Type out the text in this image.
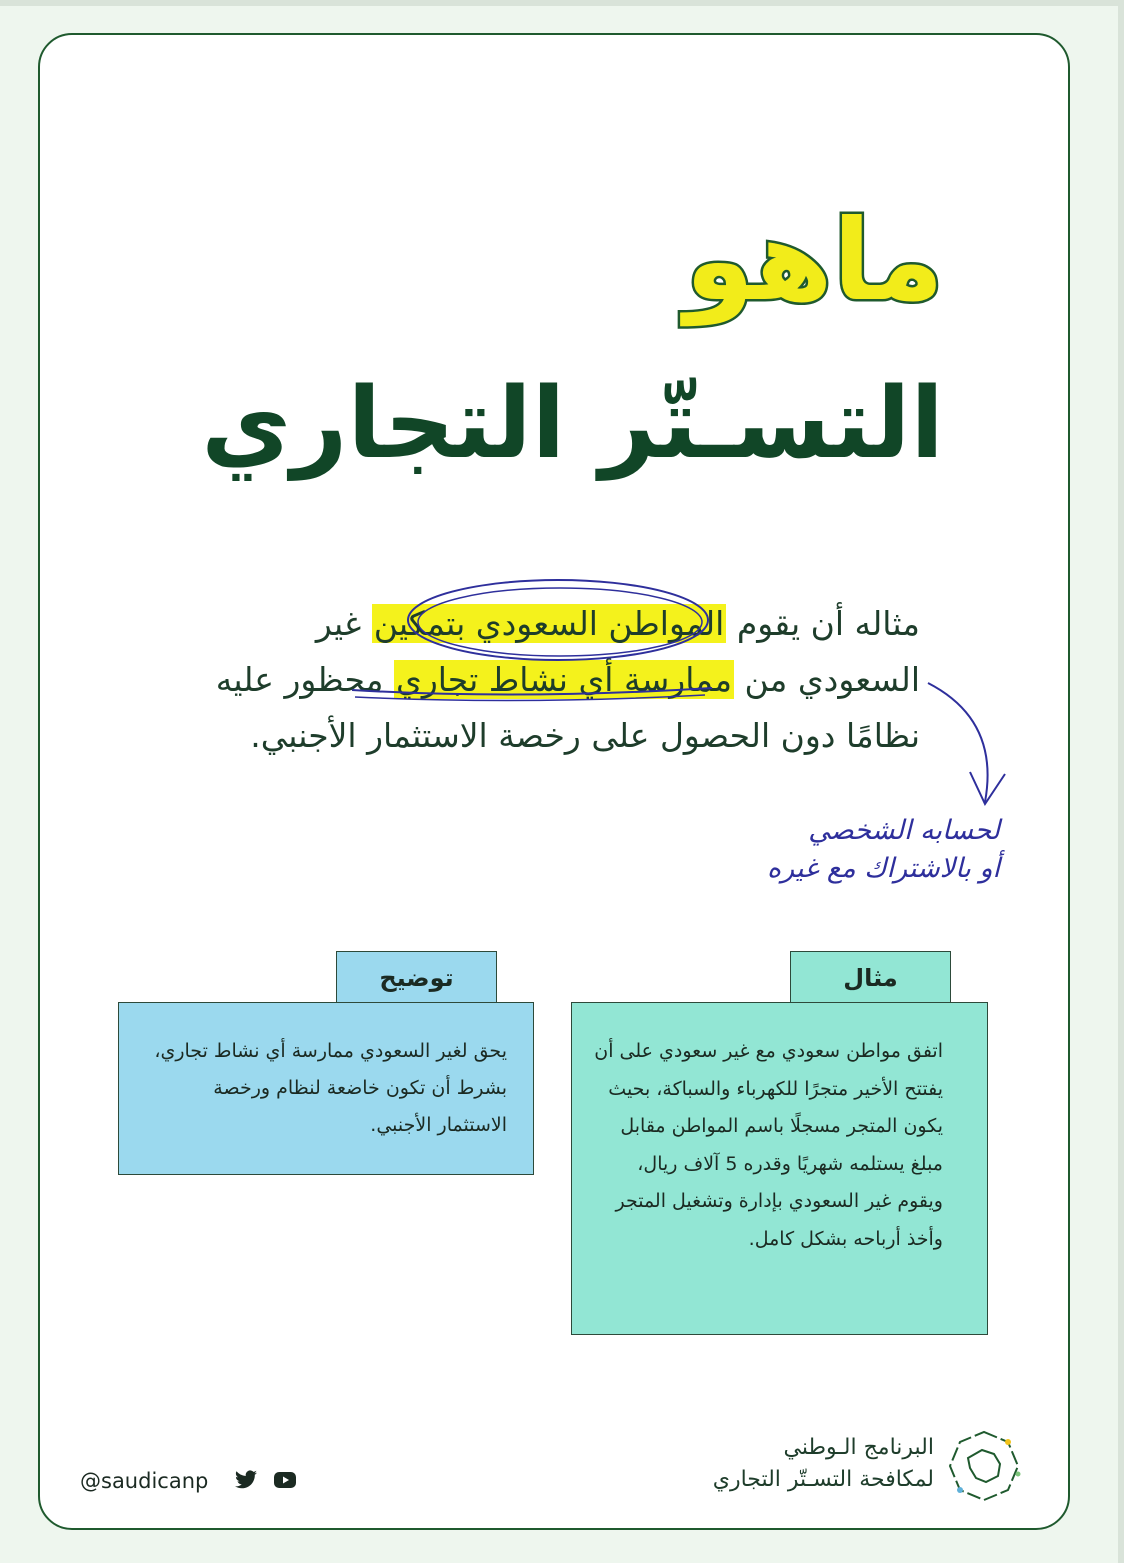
ماهو
التسـتّر التجاري
مثاله أن يقوم المواطن السعودي بتمكين غير السعودي من ممارسة أي نشاط تجاري محظور عليه نظامًا دون الحصول على رخصة الاستثمار الأجنبي.
لحسابه الشخصي
أو بالاشتراك مع غيره
توضيح
يحق لغير السعودي ممارسة أي نشاط تجاري، بشرط أن تكون خاضعة لنظام ورخصة الاستثمار الأجنبي.
مثال
اتفق مواطن سعودي مع غير سعودي على أن يفتتح الأخير متجرًا للكهرباء والسباكة، بحيث يكون المتجر مسجلًا باسم المواطن مقابل مبلغ يستلمه شهريًا وقدره 5 آلاف ريال، ويقوم غير السعودي بإدارة وتشغيل المتجر وأخذ أرباحه بشكل كامل.
البرنامج الـوطني
لمكافحة التسـتّر التجاري
@saudicanp
